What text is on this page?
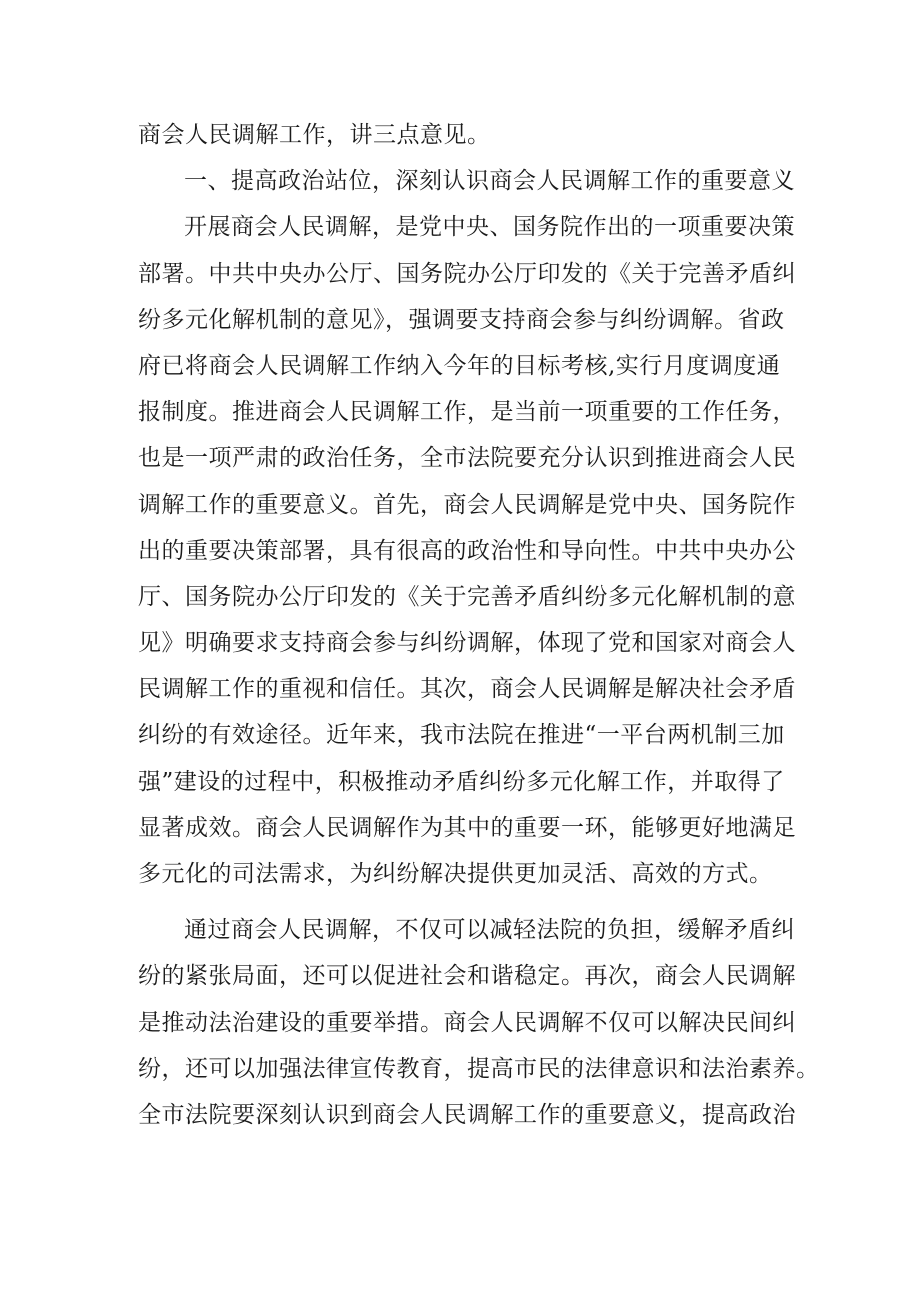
商会人民调解工作，讲三点意见。
一、提高政治站位，深刻认识商会人民调解工作的重要意义
开展商会人民调解，是党中央、国务院作出的一项重要决策
部署。中共中央办公厅、国务院办公厅印发的《关于完善矛盾纠
纷多元化解机制的意见》，强调要支持商会参与纠纷调解。省政
府已将商会人民调解工作纳入今年的目标考核,实行月度调度通
报制度。推进商会人民调解工作，是当前一项重要的工作任务，
也是一项严肃的政治任务，全市法院要充分认识到推进商会人民
调解工作的重要意义。首先，商会人民调解是党中央、国务院作
出的重要决策部署，具有很高的政治性和导向性。中共中央办公
厅、国务院办公厅印发的《关于完善矛盾纠纷多元化解机制的意
见》明确要求支持商会参与纠纷调解，体现了党和国家对商会人
民调解工作的重视和信任。其次，商会人民调解是解决社会矛盾
纠纷的有效途径。近年来，我市法院在推进“一平台两机制三加
强”建设的过程中，积极推动矛盾纠纷多元化解工作，并取得了
显著成效。商会人民调解作为其中的重要一环，能够更好地满足
多元化的司法需求，为纠纷解决提供更加灵活、高效的方式。
通过商会人民调解，不仅可以减轻法院的负担，缓解矛盾纠
纷的紧张局面，还可以促进社会和谐稳定。再次，商会人民调解
是推动法治建设的重要举措。商会人民调解不仅可以解决民间纠
纷，还可以加强法律宣传教育，提高市民的法律意识和法治素养。
全市法院要深刻认识到商会人民调解工作的重要意义，提高政治
